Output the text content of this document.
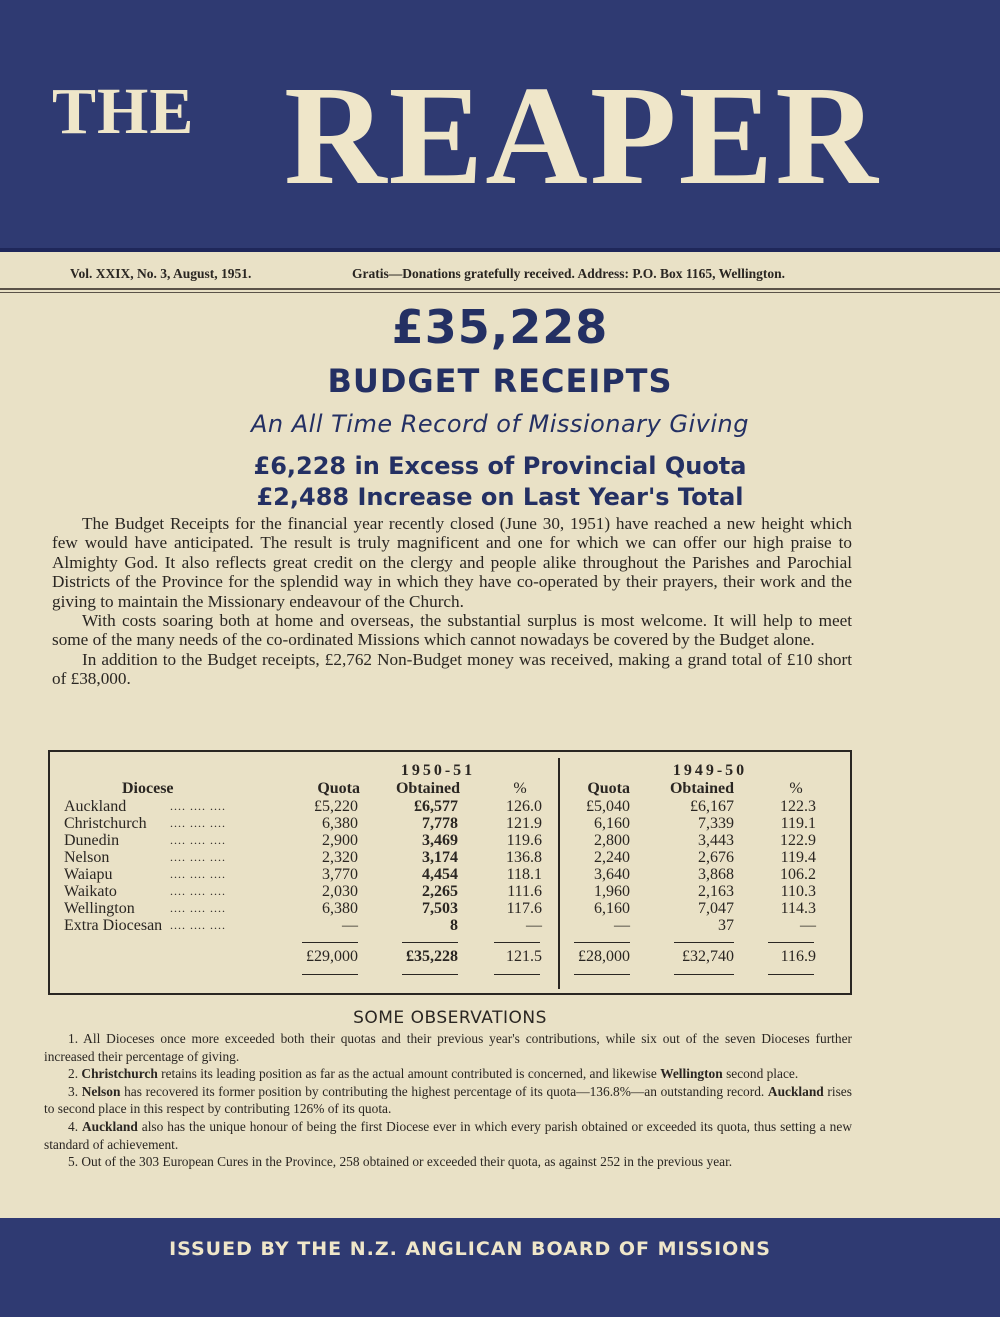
THE REAPER
Vol. XXIX, No. 3, August, 1951.	Gratis—Donations gratefully received. Address: P.O. Box 1165, Wellington.
£35,228
BUDGET RECEIPTS
An All Time Record of Missionary Giving
£6,228 in Excess of Provincial Quota
£2,488 Increase on Last Year's Total

The Budget Receipts for the financial year recently closed (June 30, 1951) have reached a new height which few would have anticipated. The result is truly magnificent and one for which we can offer our high praise to Almighty God. It also reflects great credit on the clergy and people alike throughout the Parishes and Parochial Districts of the Province for the splendid way in which they have co-operated by their prayers, their work and the giving to maintain the Missionary endeavour of the Church.

With costs soaring both at home and overseas, the substantial surplus is most welcome. It will help to meet some of the many needs of the co-ordinated Missions which cannot nowadays be covered by the Budget alone.

In addition to the Budget receipts, £2,762 Non-Budget money was received, making a grand total of £10 short of £38,000.

1950-51	1949-50
Diocese	Quota	Obtained	%	Quota	Obtained	%
Auckland	£5,220	£6,577	126.0	£5,040	£6,167	122.3
.... .... ....
Christchurch	6,380	7,778	121.9	6,160	7,339	119.1
.... .... ....
Dunedin	2,900	3,469	119.6	2,800	3,443	122.9
.... .... ....
Nelson	2,320	3,174	136.8	2,240	2,676	119.4
.... .... ....
Waiapu	3,770	4,454	118.1	3,640	3,868	106.2
.... .... ....
Waikato	2,030	2,265	111.6	1,960	2,163	110.3
.... .... ....
Wellington	6,380	7,503	117.6	6,160	7,047	114.3
.... .... ....
Extra Diocesan	—	8	—	—	37	—
.... .... ....
£29,000	£35,228	121.5	£28,000	£32,740	116.9
SOME OBSERVATIONS

1. All Dioceses once more exceeded both their quotas and their previous year's contributions, while six out of the seven Dioceses further increased their percentage of giving.

2. Christchurch retains its leading position as far as the actual amount contributed is concerned, and likewise Wellington second place.

3. Nelson has recovered its former position by contributing the highest percentage of its quota—136.8%—an outstanding record. Auckland rises to second place in this respect by contributing 126% of its quota.

4. Auckland also has the unique honour of being the first Diocese ever in which every parish obtained or exceeded its quota, thus setting a new standard of achievement.

5. Out of the 303 European Cures in the Province, 258 obtained or exceeded their quota, as against 252 in the previous year.

ISSUED BY THE N.Z. ANGLICAN BOARD OF MISSIONS
